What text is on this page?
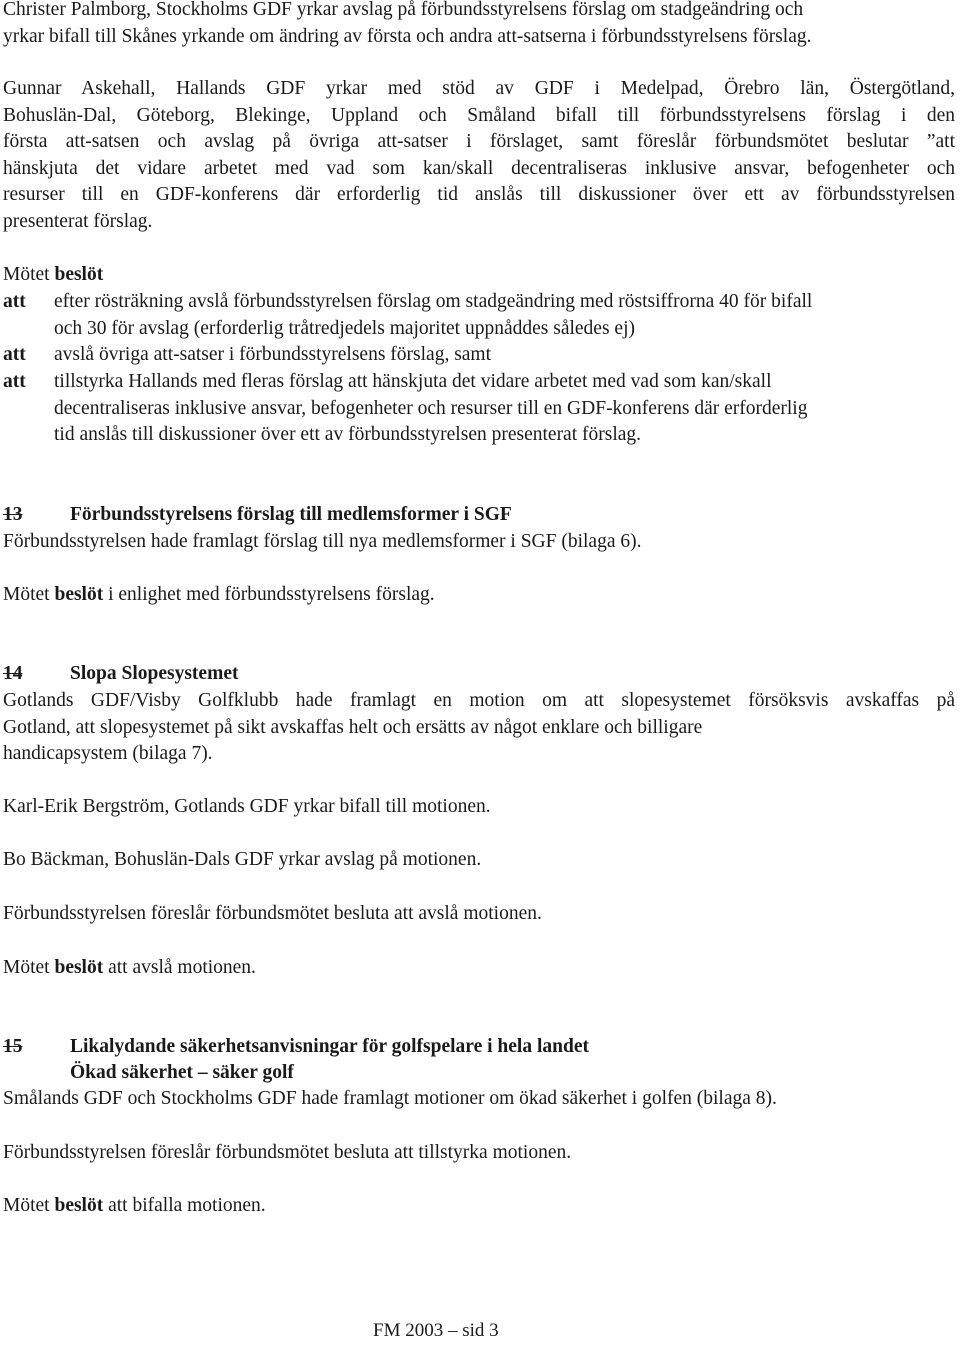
Christer Palmborg, Stockholms GDF yrkar avslag på förbundsstyrelsens förslag om stadgeändring och
yrkar bifall till Skånes yrkande om ändring av första och andra att-satserna i förbundsstyrelsens förslag.
Gunnar Askehall, Hallands GDF yrkar med stöd av GDF i Medelpad, Örebro län, Östergötland,
Bohuslän-Dal, Göteborg, Blekinge, Uppland och Småland bifall till förbundsstyrelsens förslag i den
första att-satsen och avslag på övriga att-satser i förslaget, samt föreslår förbundsmötet beslutar ”att
hänskjuta det vidare arbetet med vad som kan/skall decentraliseras inklusive ansvar, befogenheter och
resurser till en GDF-konferens där erforderlig tid anslås till diskussioner över ett av förbundsstyrelsen
presenterat förslag.
Mötet beslöt
att efter rösträkning avslå förbundsstyrelsen förslag om stadgeändring med röstsiffrorna 40 för bifall
och 30 för avslag (erforderlig tråtredjedels majoritet uppnåddes således ej)
att avslå övriga att-satser i förbundsstyrelsens förslag, samt
att tillstyrka Hallands med fleras förslag att hänskjuta det vidare arbetet med vad som kan/skall
decentraliseras inklusive ansvar, befogenheter och resurser till en GDF-konferens där erforderlig
tid anslås till diskussioner över ett av förbundsstyrelsen presenterat förslag.
13 Förbundsstyrelsens förslag till medlemsformer i SGF
Förbundsstyrelsen hade framlagt förslag till nya medlemsformer i SGF (bilaga 6).
Mötet beslöt i enlighet med förbundsstyrelsens förslag.
14 Slopa Slopesystemet
Gotlands GDF/Visby Golfklubb hade framlagt en motion om att slopesystemet försöksvis avskaffas på
Gotland, att slopesystemet på sikt avskaffas helt och ersätts av något enklare och billigare
handicapsystem (bilaga 7).
Karl-Erik Bergström, Gotlands GDF yrkar bifall till motionen.
Bo Bäckman, Bohuslän-Dals GDF yrkar avslag på motionen.
Förbundsstyrelsen föreslår förbundsmötet besluta att avslå motionen.
Mötet beslöt att avslå motionen.
15 Likalydande säkerhetsanvisningar för golfspelare i hela landet
Ökad säkerhet – säker golf
Smålands GDF och Stockholms GDF hade framlagt motioner om ökad säkerhet i golfen (bilaga 8).
Förbundsstyrelsen föreslår förbundsmötet besluta att tillstyrka motionen.
Mötet beslöt att bifalla motionen.
FM 2003 – sid 3
